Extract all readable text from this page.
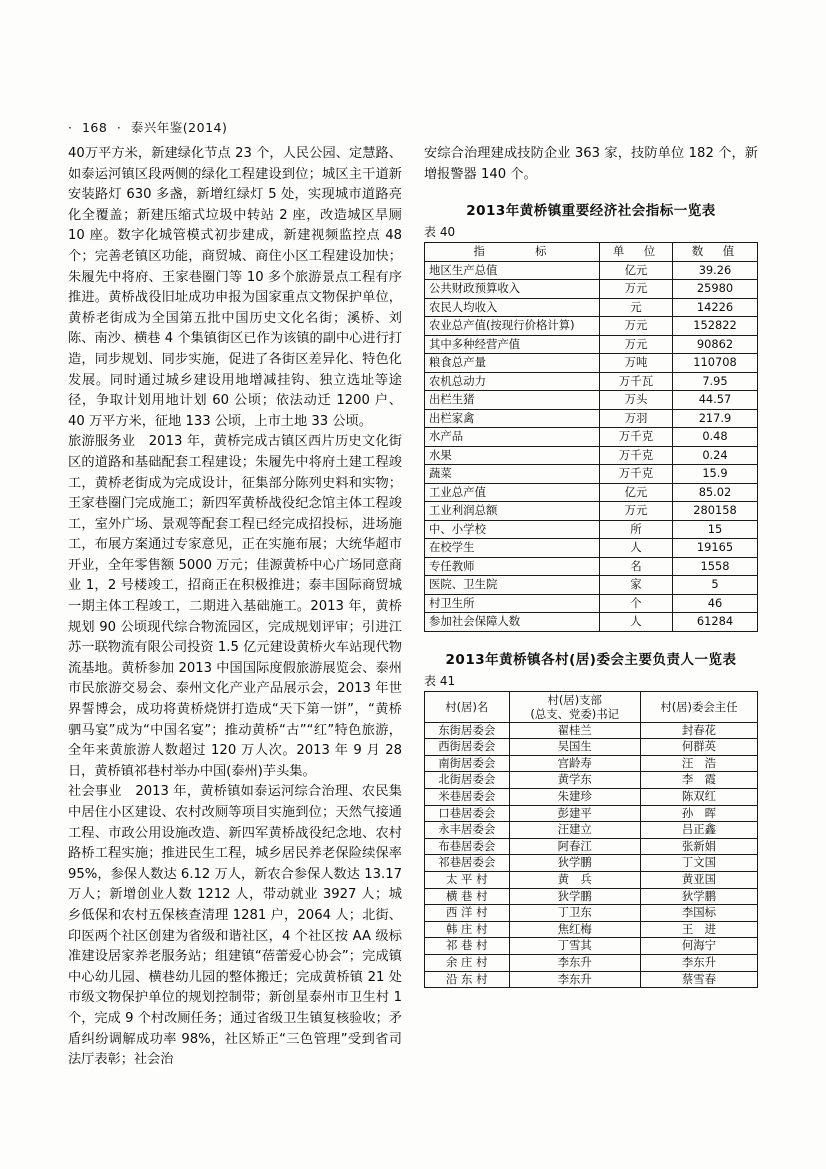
· 168 · 泰兴年鉴(2014)

40万平方米，新建绿化节点 23 个，人民公园、定慧路、如泰运河镇区段两侧的绿化工程建设到位；城区主干道新安装路灯 630 多盏，新增红绿灯 5 处，实现城市道路亮化全覆盖；新建压缩式垃圾中转站 2 座，改造城区旱厕 10 座。数字化城管模式初步建成，新建视频监控点 48 个；完善老镇区功能，商贸城、商住小区工程建设加快；朱履先中将府、王家巷圈门等 10 多个旅游景点工程有序推进。黄桥战役旧址成功申报为国家重点文物保护单位，黄桥老街成为全国第五批中国历史文化名街；溪桥、刘陈、南沙、横巷 4 个集镇街区已作为该镇的副中心进行打造，同步规划、同步实施，促进了各街区差异化、特色化发展。同时通过城乡建设用地增减挂钩、独立选址等途径，争取计划用地计划 60 公顷；依法动迁 1200 户、40 万平方米，征地 133 公顷，上市土地 33 公顷。

旅游服务业　2013 年，黄桥完成古镇区西片历史文化街区的道路和基础配套工程建设；朱履先中将府土建工程竣工，黄桥老街成为完成设计，征集部分陈列史料和实物；王家巷圈门完成施工；新四军黄桥战役纪念馆主体工程竣工，室外广场、景观等配套工程已经完成招投标，进场施工，布展方案通过专家意见，正在实施布展；大统华超市开业，全年零售额 5000 万元；佳源黄桥中心广场同意商业 1，2 号楼竣工，招商正在积极推进；泰丰国际商贸城一期主体工程竣工，二期进入基础施工。2013 年，黄桥规划 90 公顷现代综合物流园区，完成规划评审；引进江苏一联物流有限公司投资 1.5 亿元建设黄桥火车站现代物流基地。黄桥参加 2013 中国国际度假旅游展览会、泰州市民旅游交易会、泰州文化产业产品展示会，2013 年世界誓博会，成功将黄桥烧饼打造成“天下第一饼”，“黄桥驷马宴”成为“中国名宴”；推动黄桥“古”“红”特色旅游，全年来黄旅游人数超过 120 万人次。2013 年 9 月 28 日，黄桥镇祁巷村举办中国(泰州)芋头集。

社会事业　2013 年，黄桥镇如泰运河综合治理、农民集中居住小区建设、农村改厕等项目实施到位；天然气接通工程、市政公用设施改造、新四军黄桥战役纪念地、农村路桥工程实施；推进民生工程，城乡居民养老保险续保率 95%，参保人数达 6.12 万人，新农合参保人数达 13.17 万人；新增创业人数 1212 人，带动就业 3927 人；城乡低保和农村五保核查清理 1281 户，2064 人；北街、印医两个社区创建为省级和谐社区，4 个社区按 AA 级标准建设居家养老服务站；组建镇“蓓蕾爱心协会”；完成镇中心幼儿园、横巷幼儿园的整体搬迁；完成黄桥镇 21 处市级文物保护单位的规划控制带；新创星泰州市卫生村 1 个，完成 9 个村改厕任务；通过省级卫生镇复核验收；矛盾纠纷调解成功率 98%，社区矫正“三色管理”受到省司法厅表彰；社会治

安综合治理建成技防企业 363 家，技防单位 182 个，新增报警器 140 个。

2013年黄桥镇重要经济社会指标一览表
表 40
指　　　标	单　位	数　值
地区生产总值	亿元	39.26
公共财政预算收入	万元	25980
农民人均收入	元	14226
农业总产值(按现行价格计算)	万元	152822
其中多种经营产值	万元	90862
粮食总产量	万吨	110708
农机总动力	万千瓦	7.95
出栏生猪	万头	44.57
出栏家禽	万羽	217.9
水产品	万千克	0.48
水果	万千克	0.24
蔬菜	万千克	15.9
工业总产值	亿元	85.02
工业利润总额	万元	280158
中、小学校	所	15
在校学生	人	19165
专任教师	名	1558
医院、卫生院	家	5
村卫生所	个	46
参加社会保障人数	人	61284
2013年黄桥镇各村(居)委会主要负责人一览表
表 41
村(居)名	村(居)支部
(总支、党委)书记	村(居)委会主任
东街居委会	翟桂兰	封春花
西街居委会	吴国生	何群英
南街居委会	宫龄寿	汪　浩
北街居委会	黄学东	李　霞
米巷居委会	朱建珍	陈双红
口巷居委会	彭建平	孙　晖
永丰居委会	汪建立	吕正鑫
布巷居委会	阿春江	张新娟
祁巷居委会	狄学鹏	丁文国
太 平 村	黄　兵	黄亚国
横 巷 村	狄学鹏	狄学鹏
西 洋 村	丁卫东	李国标
韩 庄 村	焦红梅	王　进
祁 巷 村	丁雪其	何海宁
余 庄 村	李东升	李东升
沿 东 村	李东升	蔡雪春
